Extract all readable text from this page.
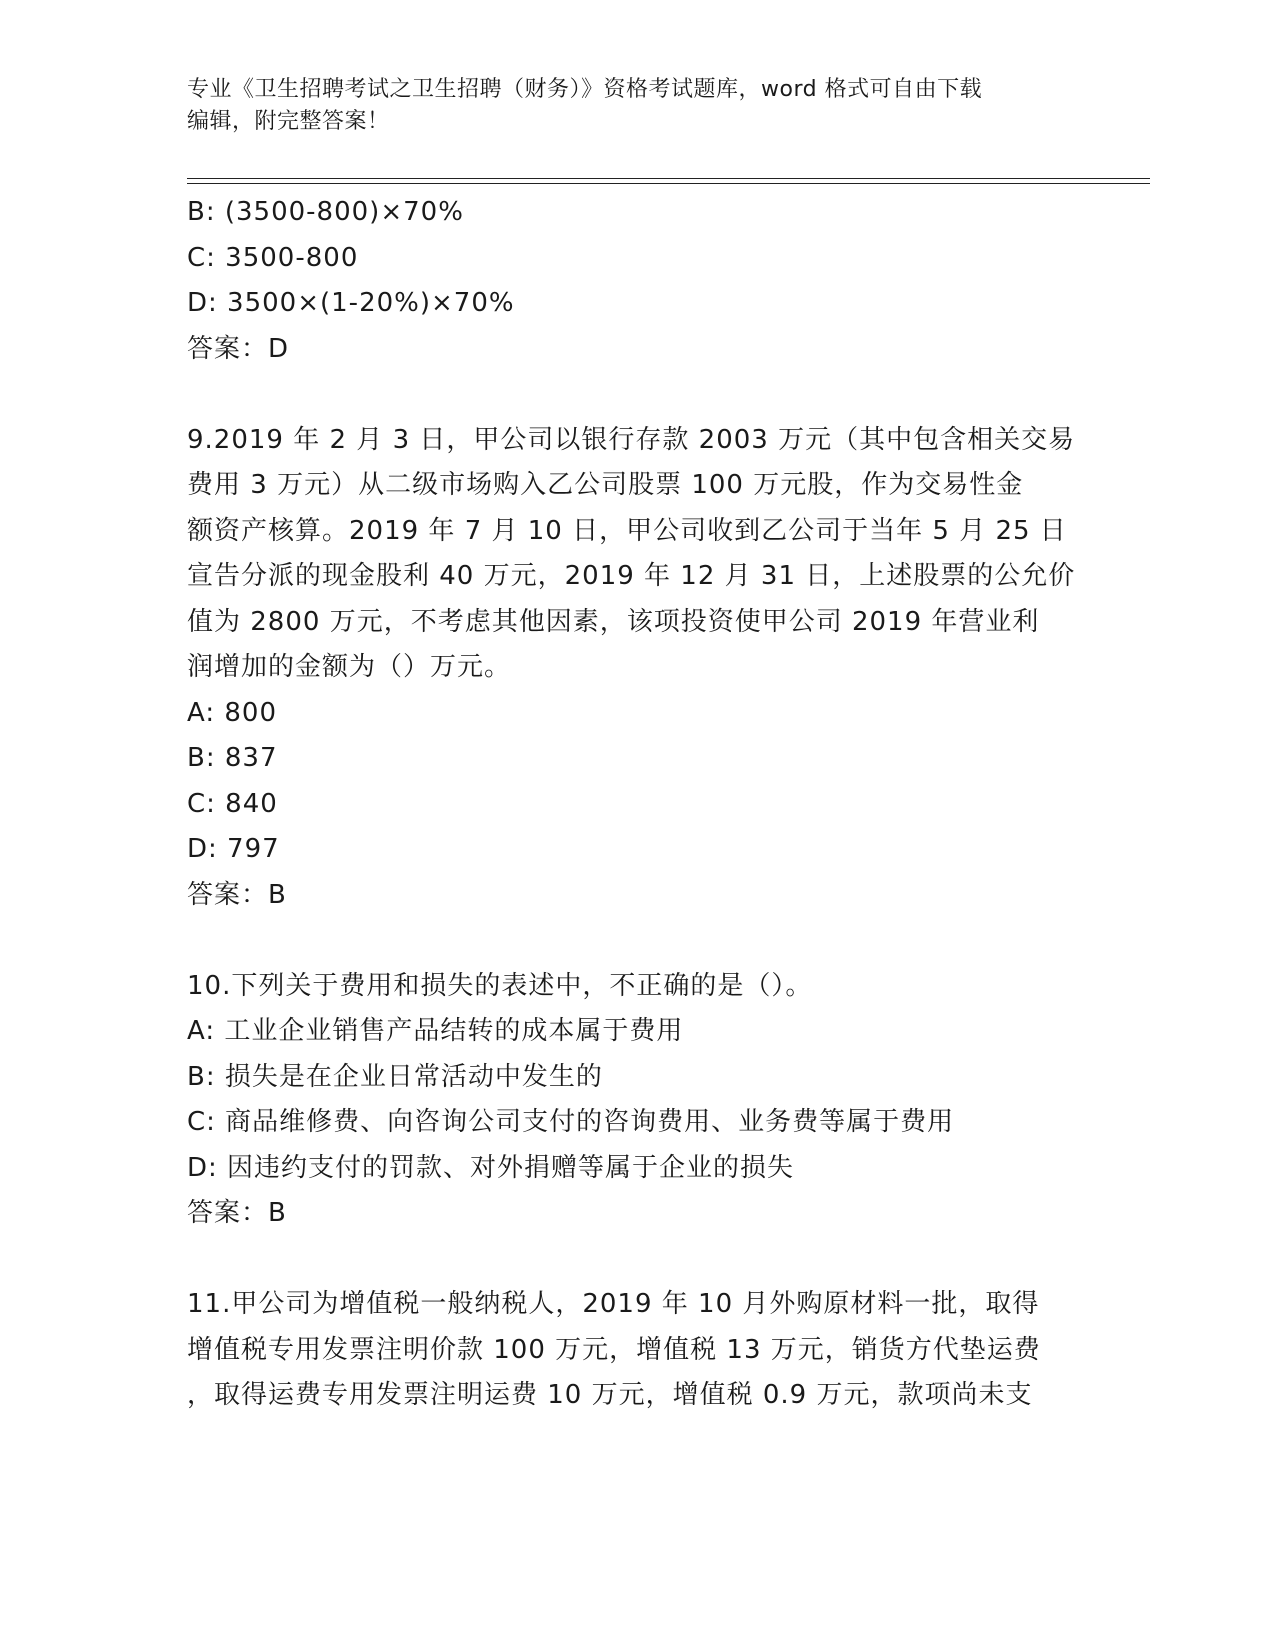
专业《卫生招聘考试之卫生招聘（财务）》资格考试题库，word 格式可自由下载
编辑，附完整答案！
B: (3500-800)×70%
C: 3500-800
D: 3500×(1-20%)×70%
答案：D
9.2019 年 2 月 3 日，甲公司以银行存款 2003 万元（其中包含相关交易
费用 3 万元）从二级市场购入乙公司股票 100 万元股，作为交易性金
额资产核算。2019 年 7 月 10 日，甲公司收到乙公司于当年 5 月 25 日
宣告分派的现金股利 40 万元，2019 年 12 月 31 日，上述股票的公允价
值为 2800 万元，不考虑其他因素，该项投资使甲公司 2019 年营业利
润增加的金额为（）万元。
A: 800
B: 837
C: 840
D: 797
答案：B
10.下列关于费用和损失的表述中，不正确的是（）。
A: 工业企业销售产品结转的成本属于费用
B: 损失是在企业日常活动中发生的
C: 商品维修费、向咨询公司支付的咨询费用、业务费等属于费用
D: 因违约支付的罚款、对外捐赠等属于企业的损失
答案：B
11.甲公司为增值税一般纳税人，2019 年 10 月外购原材料一批，取得
增值税专用发票注明价款 100 万元，增值税 13 万元，销货方代垫运费
，取得运费专用发票注明运费 10 万元，增值税 0.9 万元，款项尚未支
